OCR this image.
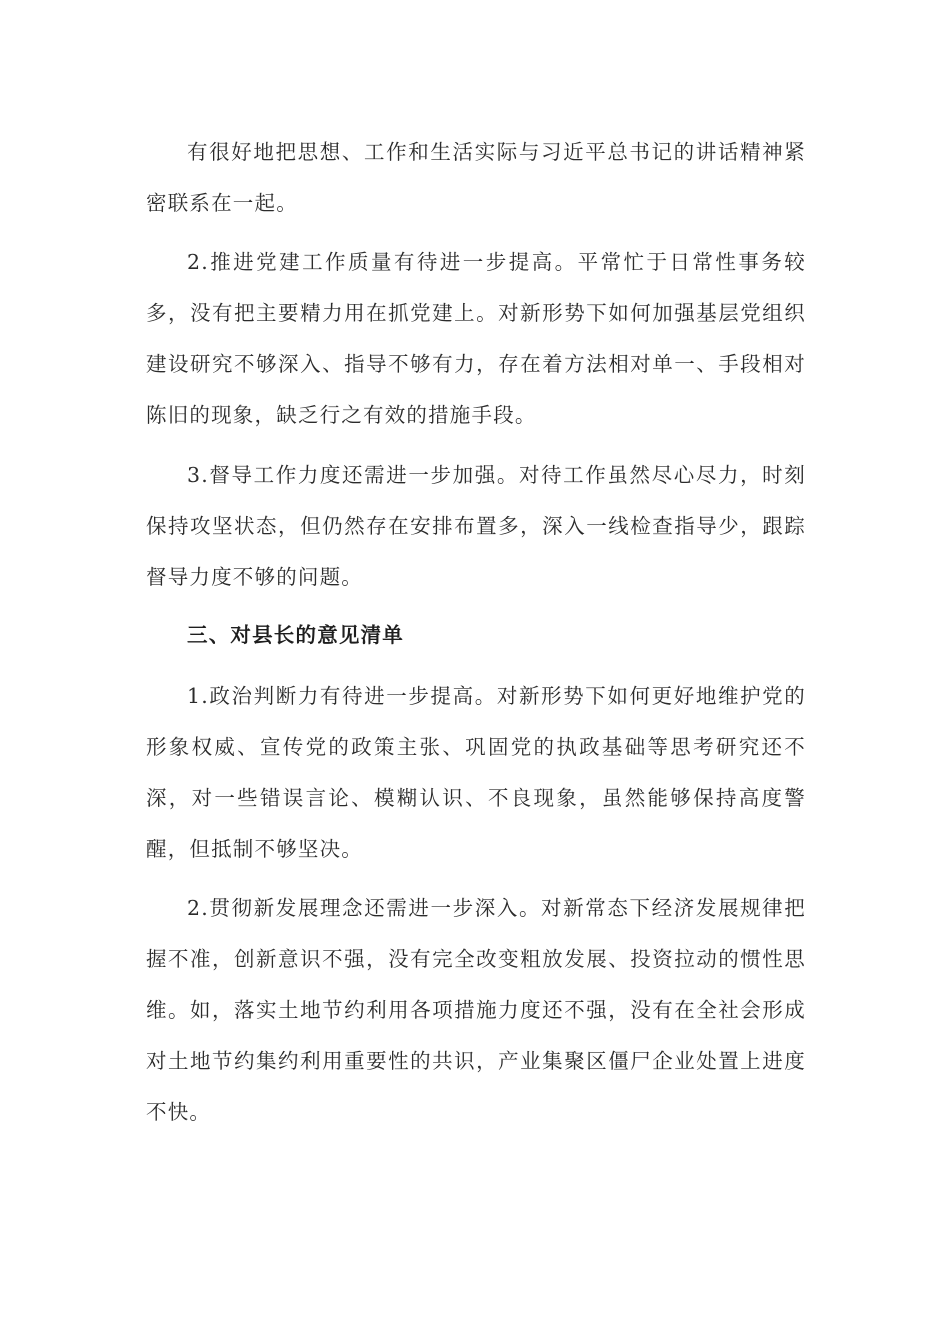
有很好地把思想、工作和生活实际与习近平总书记的讲话精神紧密联系在一起。

2.推进党建工作质量有待进一步提高。平常忙于日常性事务较多，没有把主要精力用在抓党建上。对新形势下如何加强基层党组织建设研究不够深入、指导不够有力，存在着方法相对单一、手段相对陈旧的现象，缺乏行之有效的措施手段。

3.督导工作力度还需进一步加强。对待工作虽然尽心尽力，时刻保持攻坚状态，但仍然存在安排布置多，深入一线检查指导少，跟踪督导力度不够的问题。

三、对县长的意见清单

1.政治判断力有待进一步提高。对新形势下如何更好地维护党的形象权威、宣传党的政策主张、巩固党的执政基础等思考研究还不深，对一些错误言论、模糊认识、不良现象，虽然能够保持高度警醒，但抵制不够坚决。

2.贯彻新发展理念还需进一步深入。对新常态下经济发展规律把握不准，创新意识不强，没有完全改变粗放发展、投资拉动的惯性思维。如，落实土地节约利用各项措施力度还不强，没有在全社会形成对土地节约集约利用重要性的共识，产业集聚区僵尸企业处置上进度不快。
